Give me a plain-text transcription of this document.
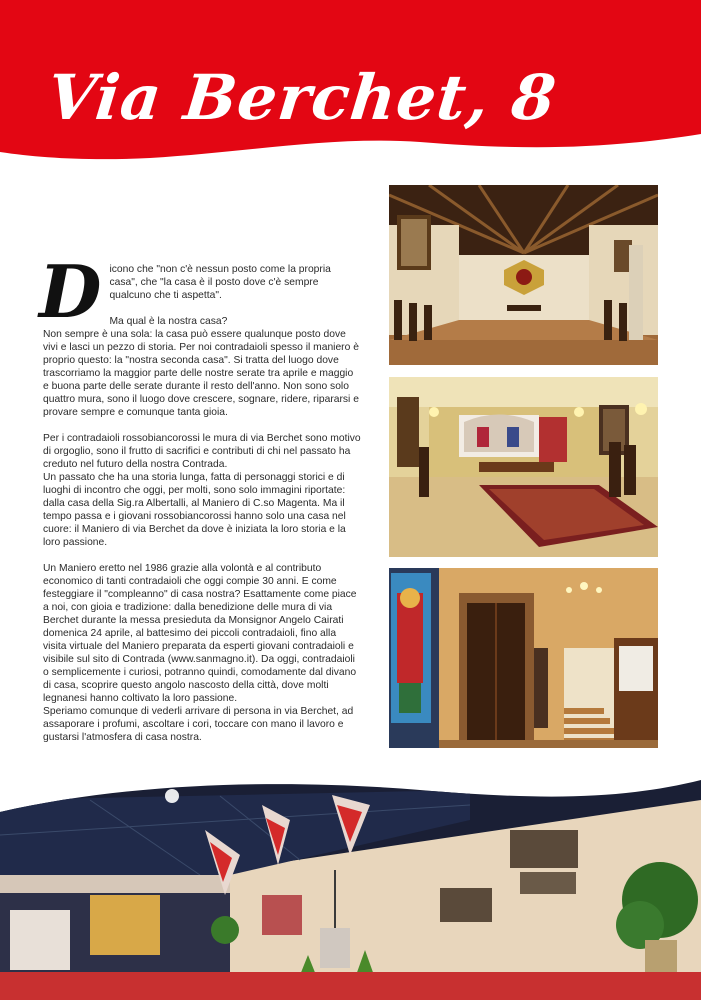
Via Berchet, 8

Dicono che "non c'è nessun posto come la propria casa", che "la casa è il posto dove c'è sempre qualcuno che ti aspetta".

Ma qual è la nostra casa?
Non sempre è una sola: la casa può essere qualunque posto dove vivi e lasci un pezzo di storia. Per noi contradaioli spesso il maniero è proprio questo: la "nostra seconda casa". Si tratta del luogo dove trascorriamo la maggior parte delle nostre serate tra aprile e maggio e buona parte delle serate durante il resto dell'anno. Non sono solo quattro mura, sono il luogo dove crescere, sognare, ridere, ripararsi e provare sempre e comunque tanta gioia.

Per i contradaioli rossobiancorossi le mura di via Berchet sono motivo di orgoglio, sono il frutto di sacrifici e contributi di chi nel passato ha creduto nel futuro della nostra Contrada.
Un passato che ha una storia lunga, fatta di personaggi storici e di luoghi di incontro che oggi, per molti, sono solo immagini riportate: dalla casa della Sig.ra Albertalli, al Maniero di C.so Magenta. Ma il tempo passa e i giovani rossobiancorossi hanno solo una casa nel cuore: il Maniero di via Berchet da dove è iniziata la loro storia e la loro passione.

Un Maniero eretto nel 1986 grazie alla volontà e al contributo economico di tanti contradaioli che oggi compie 30 anni. E come festeggiare il "compleanno" di casa nostra? Esattamente come piace a noi, con gioia e tradizione: dalla benedizione delle mura di via Berchet durante la messa presieduta da Monsignor Angelo Cairati domenica 24 aprile, al battesimo dei piccoli contradaioli, fino alla visita virtuale del Maniero preparata da esperti giovani contradaioli e visibile sul sito di Contrada (www.sanmagno.it). Da oggi, contradaioli o semplicemente i curiosi, potranno quindi, comodamente dal divano di casa, scoprire questo angolo nascosto della città, dove molti legnanesi hanno coltivato la loro passione.
Speriamo comunque di vederli arrivare di persona in via Berchet, ad assaporare i profumi, ascoltare i cori, toccare con mano il lavoro e gustarsi l'atmosfera di casa nostra.
